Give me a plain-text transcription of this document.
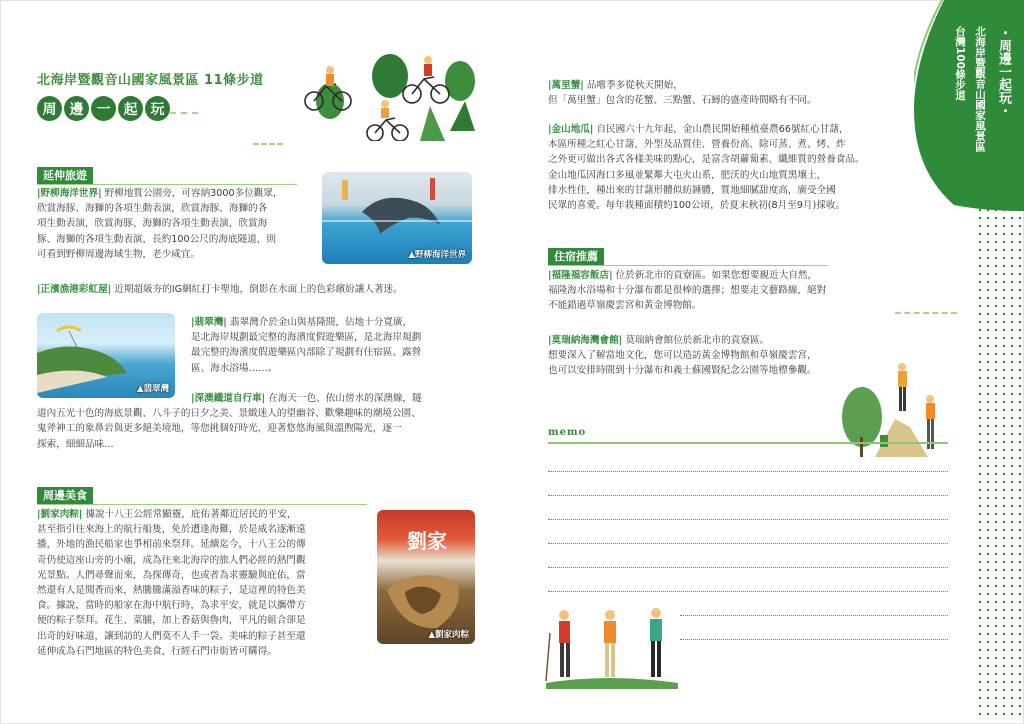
北海岸暨觀音山國家風景區 11條步道
周 邊 一 起 玩
延伸旅遊
|野柳海洋世界| 野柳地質公園旁，可容納3000多位觀眾，
欣賞海豚、海獅的各項生動表演，欣賞海豚、海獅的各
項生動表演，欣賞海豚、海獅的各項生動表演，欣賞海
豚、海獅的各項生動表演，長約100公尺的海底隧道，則
可看到野柳周邊海域生物，老少咸宜。	▲野柳海洋世界
|正濱漁港彩虹屋| 近期超級夯的IG網紅打卡聖地，倒影在水面上的色彩繽紛讓人著迷。
▲翡翠灣
|翡翠灣| 翡翠灣介於金山與基隆間，佔地十分寬廣，
是北海岸規劃最完整的海濱度假遊樂區，是北海岸規劃
最完整的海濱度假遊樂區內部除了規劃有住宿區、露營
區、海水浴場……。
|深澳鐵道自行車| 在海天一色、依山傍水的深澳線，隧
道內五光十色的海底景觀、八斗子的日夕之美、景緻迷人的望幽谷、歡樂趣味的潮境公園、
鬼斧神工的象鼻岩與更多絕美境地，等您挑個好時光，迎著悠悠海風與溫煦陽光，逐一
探索，細細品味…
周邊美食
|劉家肉粽| 據說十八王公經常顯靈，庇佑著鄰近居民的平安，
甚至指引往來海上的航行船隻，免於遭逢海難，於是威名逐漸遠
播，外地的漁民船家也爭相前來祭拜。延續迄今，十八王公的傳
奇仍使這座山旁的小廟，成為往來北海岸的旅人們必經的熱門觀
光景點。人們尋聲而來，為探傳奇，也或者為求靈驗與庇佑，當
然還有人是聞香而來，熱騰騰滿溢香味的粽子，是這裡的特色美
食。據說，當時的船家在海中航行時，為求平安，就是以攜帶方
便的粽子祭拜。花生、菜脯，加上香菇與魯肉，平凡的組合卻是
出奇的好味道，讓到訪的人們莫不人手一袋。美味的粽子甚至還
延伸成為石門地區的特色美食，行經石門市街皆可購得。
劉家
▲劉家肉粽
|萬里蟹| 品嚐季多從秋天開始，
但「萬里蟹」包含的花蟹、三點蟹、石蟳的盛產時間略有不同。
|金山地瓜| 自民國六十九年起，金山農民開始種植臺農66號紅心甘藷，
本區所種之紅心甘藷，外型及品質佳、營養份高、除可蒸、煮、烤、炸
之外更可做出各式各樣美味的點心，是富含胡蘿蔔素、纖維質的營養食品。
金山地瓜因海口多風並緊鄰大屯火山系，肥沃的火山地質黑壤土，
排水性佳，種出來的甘藷形體似紡錘體，質地細膩甜度高，廣受全國
民眾的喜愛。每年栽種面積約100公頃，於夏末秋初(8月至9月)採收。
住宿推薦
|福隆福容飯店| 位於新北市的貢寮區。如果您想要親近大自然，
福隆海水浴場和十分瀑布都是很棒的選擇；想要走文藝路線，絕對
不能錯過草嶺慶雲宮和黃金博物館。
|莫瑞納海灣會館| 莫瑞納會館位於新北市的貢寮區。
想要深入了解當地文化，您可以造訪黃金博物館和草嶺慶雲宮，
也可以安排時間到十分瀑布和義士蘇國賢紀念公園等地標參觀。
memo
・周邊一起玩・
北海岸暨觀音山國家風景區
台灣100條步道
